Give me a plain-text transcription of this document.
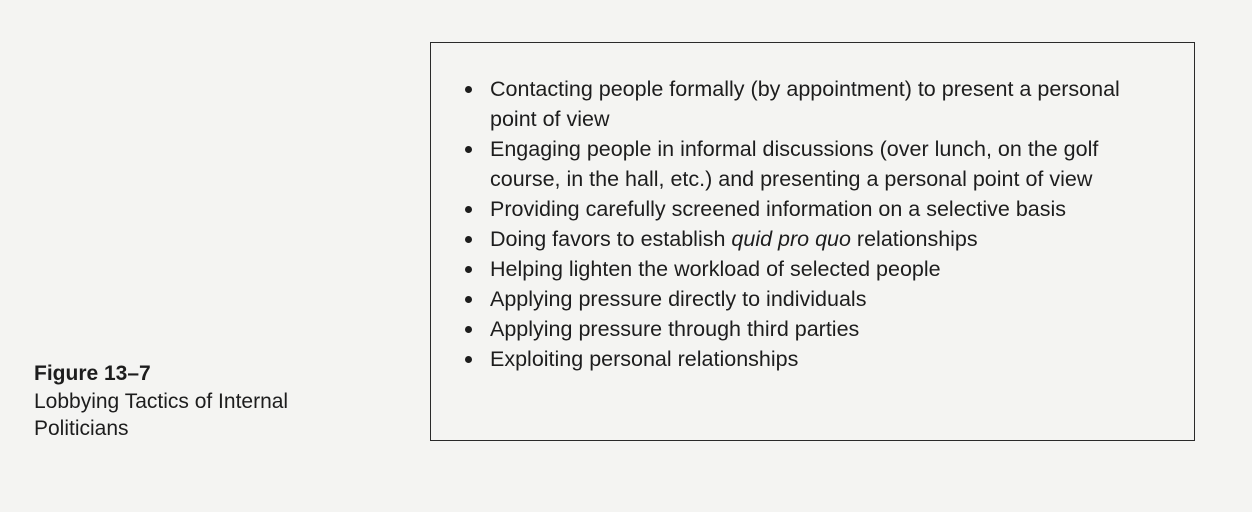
Contacting people formally (by appointment) to present a personal point of view
Engaging people in informal discussions (over lunch, on the golf course, in the hall, etc.) and presenting a personal point of view
Providing carefully screened information on a selective basis
Doing favors to establish quid pro quo relationships
Helping lighten the workload of selected people
Applying pressure directly to individuals
Applying pressure through third parties
Exploiting personal relationships

Figure 13–7

Lobbying Tactics of Internal Politicians
